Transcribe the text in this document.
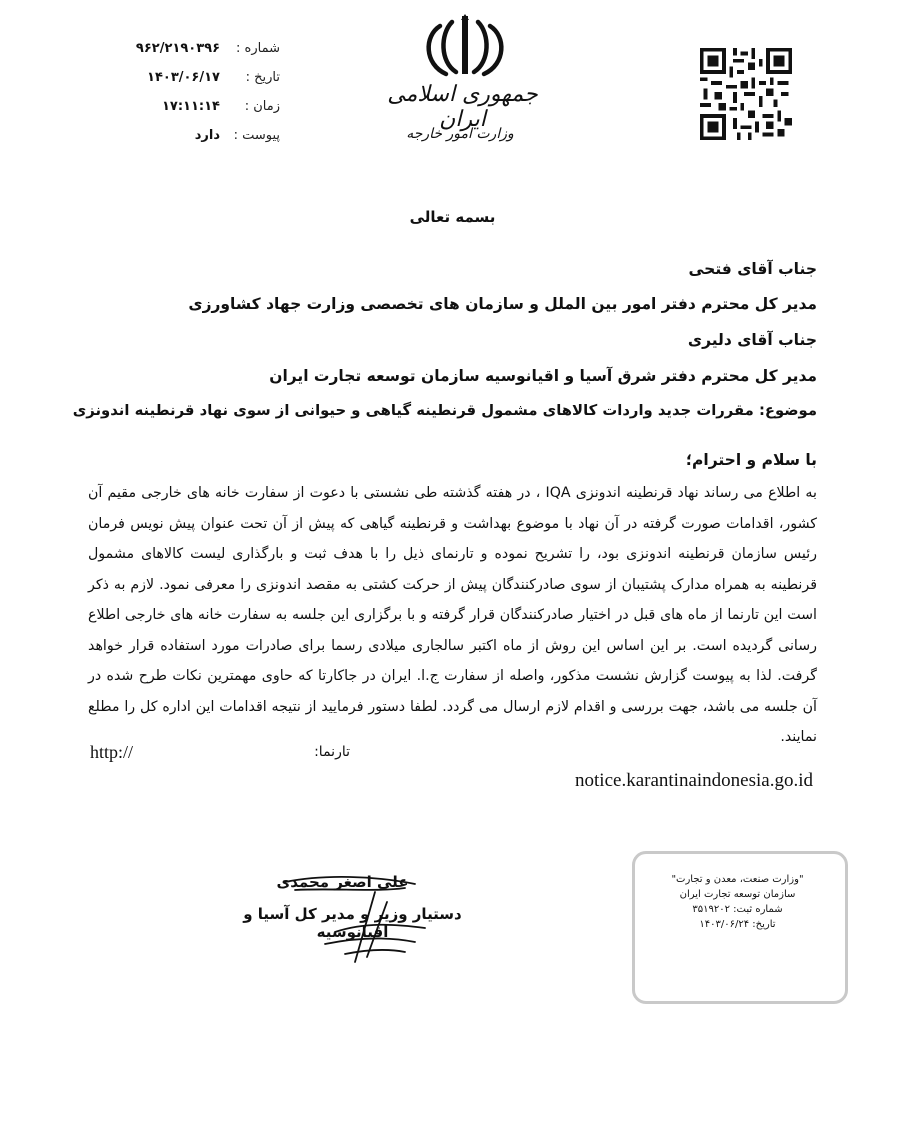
شماره :
۹۶۲/۲۱۹۰۳۹۶
تاریخ :
۱۴۰۳/۰۶/۱۷
زمان :
۱۷:۱۱:۱۴
پیوست :
دارد
جمهوری اسلامی ایران
وزارت امور خارجه
بسمه تعالی
جناب آقای فتحی
مدیر کل محترم دفتر امور بین الملل و سازمان های تخصصی وزارت جهاد کشاورزی
جناب آقای دلیری
مدیر کل محترم دفتر شرق آسیا و اقیانوسیه سازمان توسعه تجارت ایران
موضوع: مقررات جدید واردات کالاهای مشمول قرنطینه گیاهی و حیوانی از سوی نهاد قرنطینه اندونزی
با سلام و احترام؛
به اطلاع می رساند نهاد قرنطینه اندونزی IQA ، در هفته گذشته طی نشستی با دعوت از سفارت خانه های خارجی مقیم آن کشور، اقدامات صورت گرفته در آن نهاد با موضوع بهداشت و قرنطینه گیاهی که پیش از آن تحت عنوان پیش نویس فرمان رئیس سازمان قرنطینه اندونزی بود، را تشریح نموده و تارنمای ذیل را با هدف ثبت و بارگذاری لیست کالاهای مشمول قرنطینه به همراه مدارک پشتیبان از سوی صادرکنندگان پیش از حرکت کشتی به مقصد اندونزی را معرفی نمود. لازم به ذکر است این تارنما از ماه های قبل در اختیار صادرکنندگان قرار گرفته و با برگزاری این جلسه به سفارت خانه های خارجی اطلاع رسانی گردیده است. بر این اساس این روش از ماه اکتبر سالجاری میلادی رسما برای صادرات مورد استفاده قرار خواهد گرفت. لذا به پیوست گزارش نشست مذکور، واصله از سفارت ج.ا. ایران در جاکارتا که حاوی مهمترین نکات طرح شده در آن جلسه می باشد، جهت بررسی و اقدام لازم ارسال می گردد. لطفا دستور فرمایید از نتیجه اقدامات این اداره کل را مطلع نمایند.
تارنما:
http://
notice.karantinaindonesia.go.id
علی اصغر محمدی
دستیار وزیر و مدیر کل آسیا و اقیانوسیه
"وزارت صنعت، معدن و تجارت"
سازمان توسعه تجارت ایران
شماره ثبت: ۳۵۱۹۲۰۲
تاریخ: ۱۴۰۳/۰۶/۲۴
